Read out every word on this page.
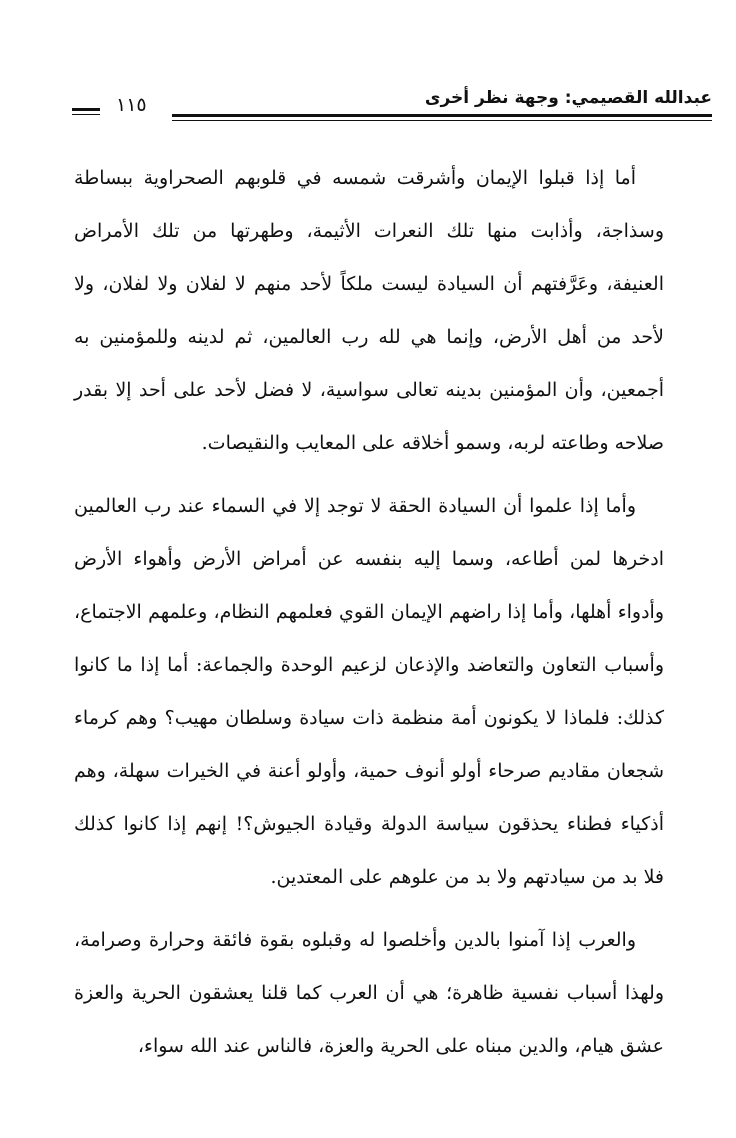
١١٥	عبدالله القصيمي: وجهة نظر أخرى

أما إذا قبلوا الإيمان وأشرقت شمسه في قلوبهم الصحراوية ببساطة وسذاجة، وأذابت منها تلك النعرات الأثيمة، وطهرتها من تلك الأمراض العنيفة، وعَرَّفتهم أن السيادة ليست ملكاً لأحد منهم لا لفلان ولا لفلان، ولا لأحد من أهل الأرض، وإنما هي لله رب العالمين، ثم لدينه وللمؤمنين به أجمعين، وأن المؤمنين بدينه تعالى سواسية، لا فضل لأحد على أحد إلا بقدر صلاحه وطاعته لربه، وسمو أخلاقه على المعايب والنقيصات.

وأما إذا علموا أن السيادة الحقة لا توجد إلا في السماء عند رب العالمين ادخرها لمن أطاعه، وسما إليه بنفسه عن أمراض الأرض وأهواء الأرض وأدواء أهلها، وأما إذا راضهم الإيمان القوي فعلمهم النظام، وعلمهم الاجتماع، وأسباب التعاون والتعاضد والإذعان لزعيم الوحدة والجماعة: أما إذا ما كانوا كذلك: فلماذا لا يكونون أمة منظمة ذات سيادة وسلطان مهيب؟ وهم كرماء شجعان مقاديم صرحاء أولو أنوف حمية، وأولو أعنة في الخيرات سهلة، وهم أذكياء فطناء يحذقون سياسة الدولة وقيادة الجيوش؟! إنهم إذا كانوا كذلك فلا بد من سيادتهم ولا بد من علوهم على المعتدين.

والعرب إذا آمنوا بالدين وأخلصوا له وقبلوه بقوة فائقة وحرارة وصرامة، ولهذا أسباب نفسية ظاهرة؛ هي أن العرب كما قلنا يعشقون الحرية والعزة عشق هيام، والدين مبناه على الحرية والعزة، فالناس عند الله سواء،
